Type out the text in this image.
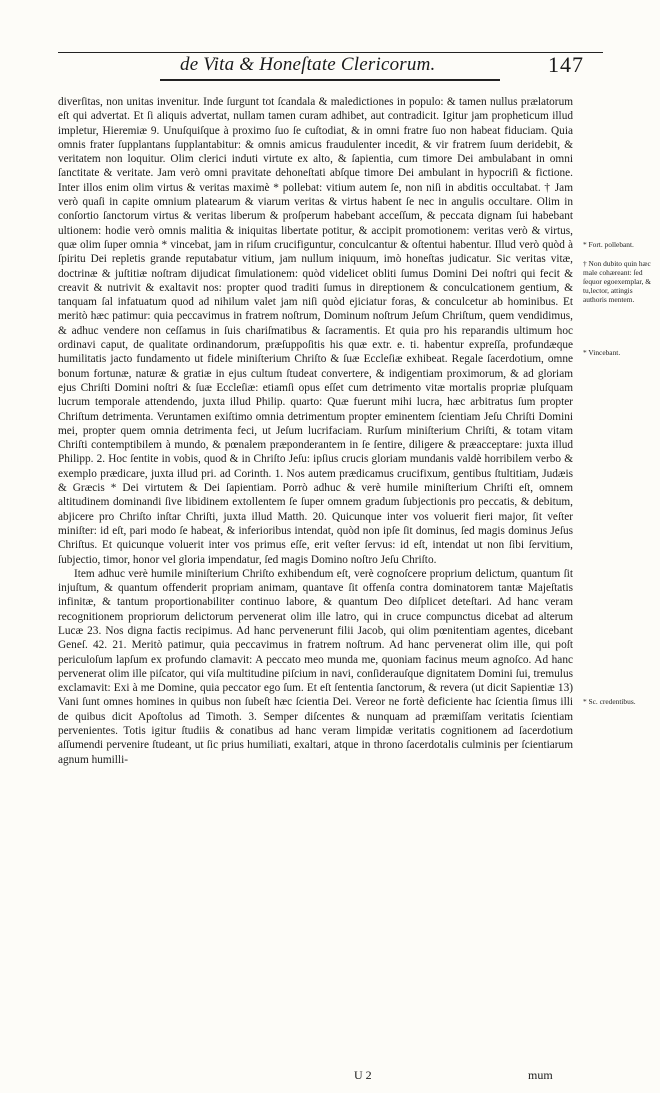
de Vita & Honeſtate Clericorum.	147

diverſitas, non unitas invenitur. Inde ſurgunt tot ſcandala & maledictiones in populo: & tamen nullus prælatorum eſt qui advertat. Et ſi aliquis advertat, nullam tamen curam adhibet, aut contradicit. Igitur jam propheticum illud impletur, Hieremiæ 9. Unuſquiſque à proximo ſuo ſe cuſtodiat, & in omni fratre ſuo non habeat fiduciam. Quia omnis frater ſupplantans ſupplantabitur: & omnis amicus fraudulenter incedit, & vir fratrem ſuum deridebit, & veritatem non loquitur. Olim clerici induti virtute ex alto, & ſapientia, cum timore Dei ambulabant in omni ſanctitate & veritate. Jam verò omni pravitate dehoneſtati abſque timore Dei ambulant in hypocriſi & fictione. Inter illos enim olim virtus & veritas maximè * pollebat: vitium autem ſe, non niſi in abditis occultabat. † Jam verò quaſi in capite omnium platearum & viarum veritas & virtus habent ſe nec in angulis occultare. Olim in conſortio ſanctorum virtus & veritas liberum & proſperum habebant acceſſum, & peccata dignam ſui habebant ultionem: hodie verò omnis malitia & iniquitas libertate potitur, & accipit promotionem: veritas verò & virtus, quæ olim ſuper omnia * vincebat, jam in riſum crucifiguntur, conculcantur & oſtentui habentur. Illud verò quòd à ſpiritu Dei repletis grande reputabatur vitium, jam nullum iniquum, imò honeſtas judicatur. Sic veritas vitæ, doctrinæ & juſtitiæ noſtram dijudicat ſimulationem: quòd videlicet obliti ſumus Domini Dei noſtri qui fecit & creavit & nutrivit & exaltavit nos: propter quod traditi ſumus in direptionem & conculcationem gentium, & tanquam ſal infatuatum quod ad nihilum valet jam niſi quòd ejiciatur foras, & conculcetur ab hominibus. Et meritò hæc patimur: quia peccavimus in fratrem noſtrum, Dominum noſtrum Jeſum Chriſtum, quem vendidimus, & adhuc vendere non ceſſamus in ſuis chariſmatibus & ſacramentis. Et quia pro his reparandis ultimum hoc ordinavi caput, de qualitate ordinandorum, præſuppoſitis his quæ extr. e. ti. habentur expreſſa, profundæque humilitatis jacto fundamento ut fidele miniſterium Chriſto & ſuæ Eccleſiæ exhibeat. Regale ſacerdotium, omne bonum fortunæ, naturæ & gratiæ in ejus cultum ſtudeat convertere, & indigentiam proximorum, & ad gloriam ejus Chriſti Domini noſtri & ſuæ Eccleſiæ: etiamſi opus eſſet cum detrimento vitæ mortalis propriæ pluſquam lucrum temporale attendendo, juxta illud Philip. quarto: Quæ fuerunt mihi lucra, hæc arbitratus ſum propter Chriſtum detrimenta. Veruntamen exiſtimo omnia detrimentum propter eminentem ſcientiam Jeſu Chriſti Domini mei, propter quem omnia detrimenta feci, ut Jeſum lucrifaciam. Rurſum miniſterium Chriſti, & totam vitam Chriſti contemptibilem à mundo, & pœnalem præponderantem in ſe ſentire, diligere & præacceptare: juxta illud Philipp. 2. Hoc ſentite in vobis, quod & in Chriſto Jeſu: ipſius crucis gloriam mundanis valdè horribilem verbo & exemplo prædicare, juxta illud pri. ad Corinth. 1. Nos autem prædicamus crucifixum, gentibus ſtultitiam, Judæis & Græcis * Dei virtutem & Dei ſapientiam. Porrò adhuc & verè humile miniſterium Chriſti eſt, omnem altitudinem dominandi ſive libidinem extollentem ſe ſuper omnem gradum ſubjectionis pro peccatis, & debitum, abjicere pro Chriſto inſtar Chriſti, juxta illud Matth. 20. Quicunque inter vos voluerit fieri major, ſit veſter miniſter: id eſt, pari modo ſe habeat, & inferioribus intendat, quòd non ipſe ſit dominus, ſed magis dominus Jeſus Chriſtus. Et quicunque voluerit inter vos primus eſſe, erit veſter ſervus: id eſt, intendat ut non ſibi ſervitium, ſubjectio, timor, honor vel gloria impendatur, ſed magis Domino noſtro Jeſu Chriſto.

Item adhuc verè humile miniſterium Chriſto exhibendum eſt, verè cognoſcere proprium delictum, quantum ſit injuſtum, & quantum offenderit propriam animam, quantave ſit offenſa contra dominatorem tantæ Majeſtatis infinitæ, & tantum proportionabiliter continuo labore, & quantum Deo diſplicet deteſtari. Ad hanc veram recognitionem propriorum delictorum pervenerat olim ille latro, qui in cruce compunctus dicebat ad alterum Lucæ 23. Nos digna factis recipimus. Ad hanc pervenerunt filii Jacob, qui olim pœnitentiam agentes, dicebant Geneſ. 42. 21. Meritò patimur, quia peccavimus in fratrem noſtrum. Ad hanc pervenerat olim ille, qui poſt periculoſum lapſum ex profundo clamavit: A peccato meo munda me, quoniam facinus meum agnoſco. Ad hanc pervenerat olim ille piſcator, qui viſa multitudine piſcium in navi, conſiderauſque dignitatem Domini ſui, tremulus exclamavit: Exi à me Domine, quia peccator ego ſum. Et eſt ſententia ſanctorum, & revera (ut dicit Sapientiæ 13) Vani ſunt omnes homines in quibus non ſubeſt hæc ſcientia Dei. Vereor ne fortè deficiente hac ſcientia ſimus illi de quibus dicit Apoſtolus ad Timoth. 3. Semper diſcentes & nunquam ad præmiſſam veritatis ſcientiam pervenientes. Totis igitur ſtudiis & conatibus ad hanc veram limpidæ veritatis cognitionem ad ſacerdotium aſſumendi pervenire ſtudeant, ut ſic prius humiliati, exaltari, atque in throno ſacerdotalis culminis per ſcientiarum agnum humilli-

* Fort. pollebant.
† Non dubito quin hæc male cohæreant: ſed ſequor egoexemplar, & tu,lector, attingis authoris mentem.
* Vincebant.
* Sc. credentibus.
U 2	mum
